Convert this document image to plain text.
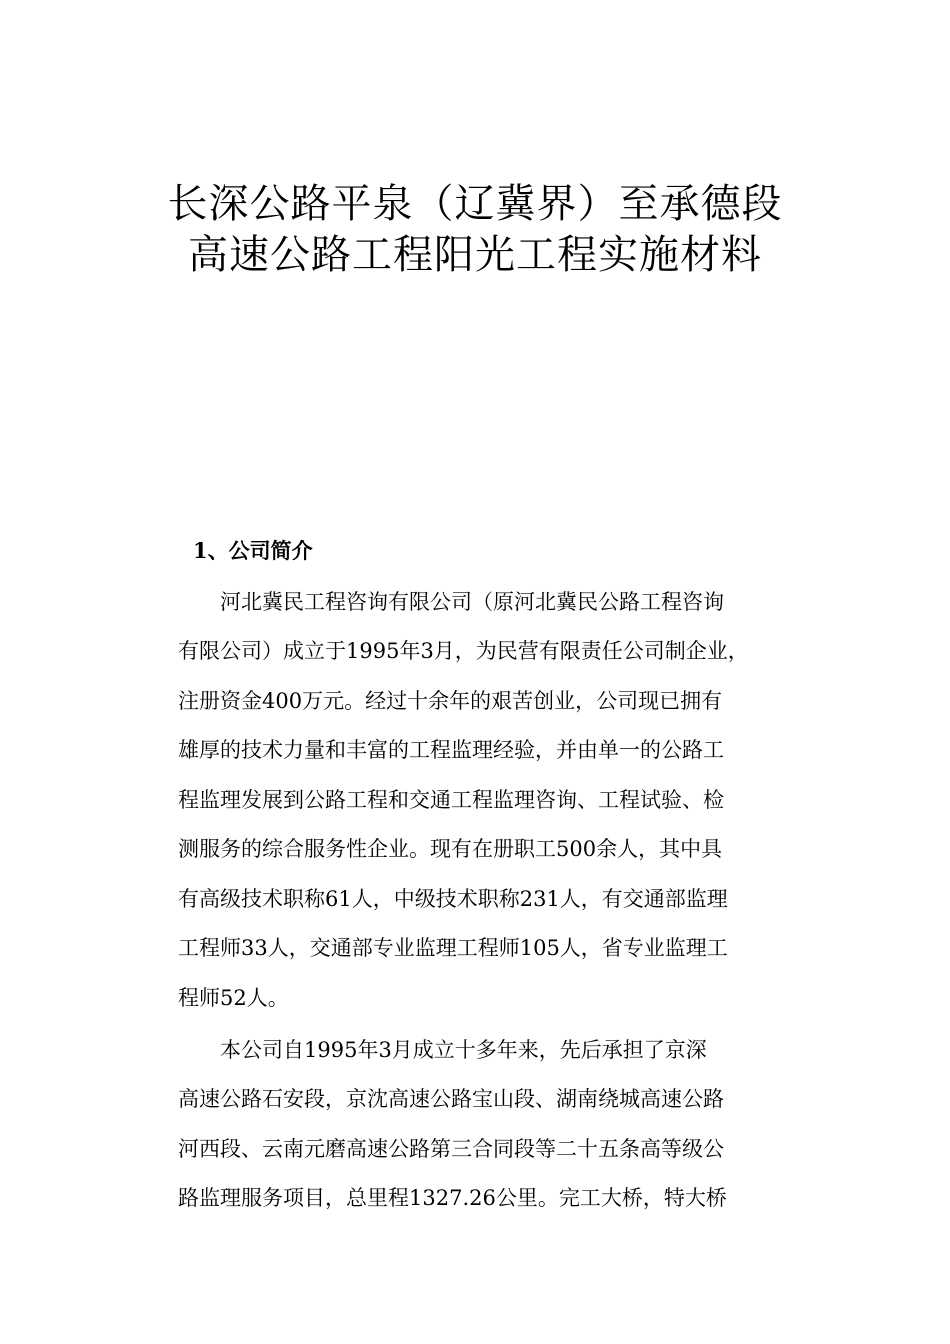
长深公路平泉（辽冀界）至承德段
高速公路工程阳光工程实施材料
1、公司简介
　　河北冀民工程咨询有限公司（原河北冀民公路工程咨询
有限公司）成立于1995年3月，为民营有限责任公司制企业，
注册资金400万元。经过十余年的艰苦创业，公司现已拥有
雄厚的技术力量和丰富的工程监理经验，并由单一的公路工
程监理发展到公路工程和交通工程监理咨询、工程试验、检
测服务的综合服务性企业。现有在册职工500余人，其中具
有高级技术职称61人，中级技术职称231人，有交通部监理
工程师33人，交通部专业监理工程师105人，省专业监理工
程师52人。
　　本公司自1995年3月成立十多年来，先后承担了京深
高速公路石安段，京沈高速公路宝山段、湖南绕城高速公路
河西段、云南元磨高速公路第三合同段等二十五条高等级公
路监理服务项目，总里程1327.26公里。完工大桥，特大桥
